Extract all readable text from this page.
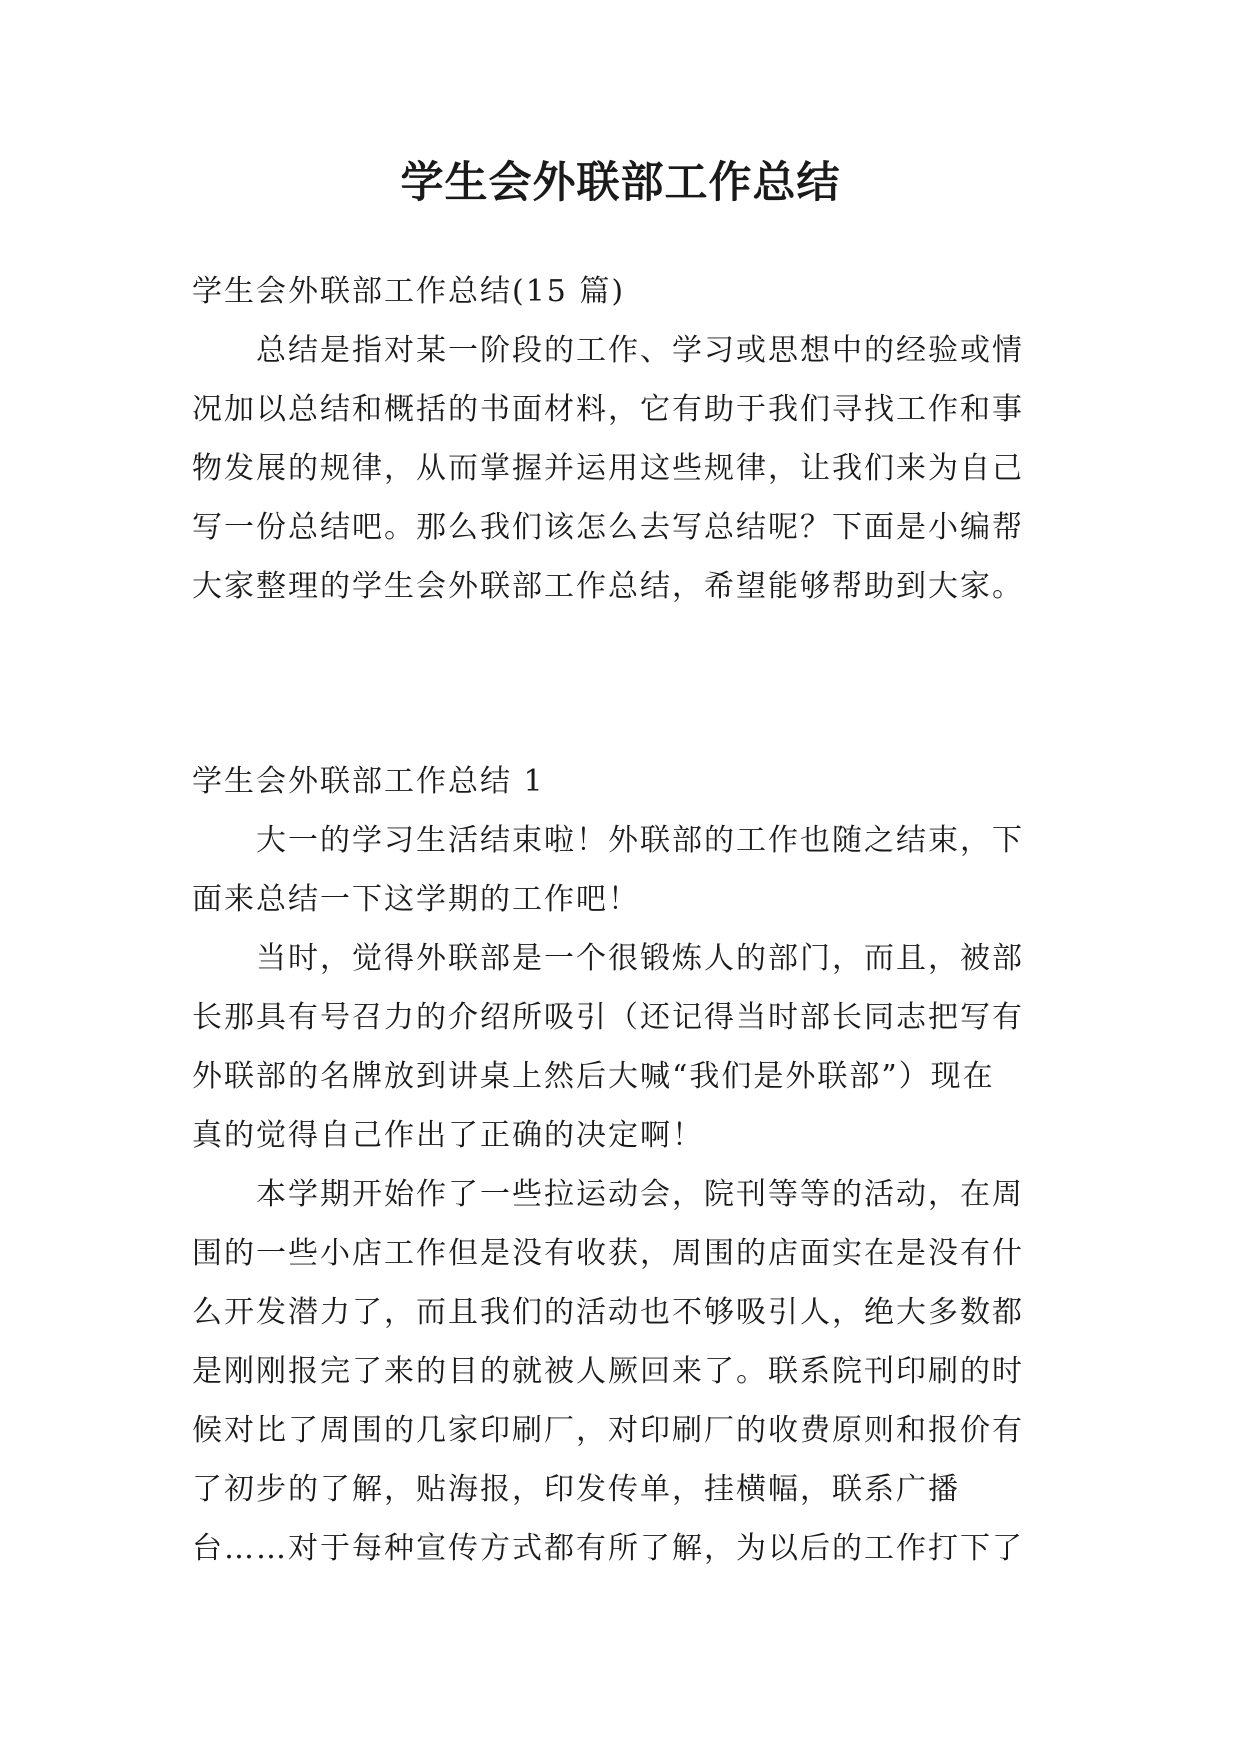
学生会外联部工作总结
学生会外联部工作总结(15 篇)
总结是指对某一阶段的工作、学习或思想中的经验或情
况加以总结和概括的书面材料，它有助于我们寻找工作和事
物发展的规律，从而掌握并运用这些规律，让我们来为自己
写一份总结吧。那么我们该怎么去写总结呢？下面是小编帮
大家整理的学生会外联部工作总结，希望能够帮助到大家。
学生会外联部工作总结 1
大一的学习生活结束啦！外联部的工作也随之结束，下
面来总结一下这学期的工作吧！
当时，觉得外联部是一个很锻炼人的部门，而且，被部
长那具有号召力的介绍所吸引（还记得当时部长同志把写有
外联部的名牌放到讲桌上然后大喊“我们是外联部”）现在
真的觉得自己作出了正确的决定啊！
本学期开始作了一些拉运动会，院刊等等的活动，在周
围的一些小店工作但是没有收获，周围的店面实在是没有什
么开发潜力了，而且我们的活动也不够吸引人，绝大多数都
是刚刚报完了来的目的就被人厥回来了。联系院刊印刷的时
候对比了周围的几家印刷厂，对印刷厂的收费原则和报价有
了初步的了解，贴海报，印发传单，挂横幅，联系广播
台……对于每种宣传方式都有所了解，为以后的工作打下了
